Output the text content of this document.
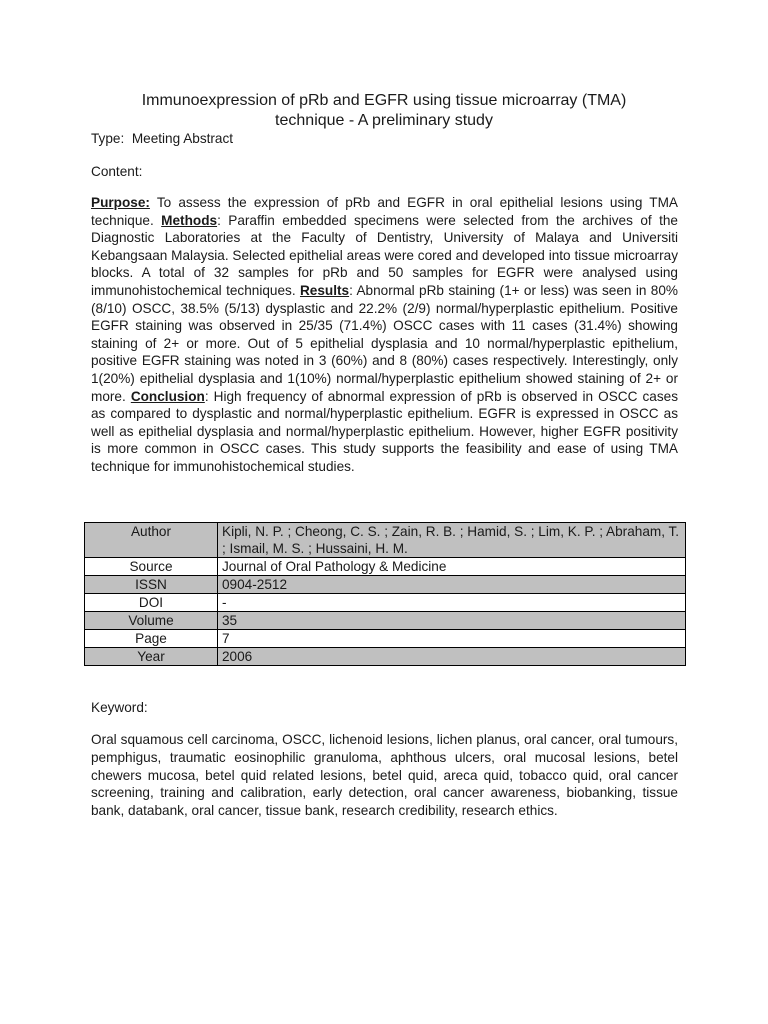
Immunoexpression of pRb and EGFR using tissue microarray (TMA)
technique - A preliminary study
Type: Meeting Abstract
Content:

Purpose: To assess the expression of pRb and EGFR in oral epithelial lesions using TMA technique. Methods: Paraffin embedded specimens were selected from the archives of the Diagnostic Laboratories at the Faculty of Dentistry, University of Malaya and Universiti Kebangsaan Malaysia. Selected epithelial areas were cored and developed into tissue microarray blocks. A total of 32 samples for pRb and 50 samples for EGFR were analysed using immunohistochemical techniques. Results: Abnormal pRb staining (1+ or less) was seen in 80% (8/10) OSCC, 38.5% (5/13) dysplastic and 22.2% (2/9) normal/hyperplastic epithelium. Positive EGFR staining was observed in 25/35 (71.4%) OSCC cases with 11 cases (31.4%) showing staining of 2+ or more. Out of 5 epithelial dysplasia and 10 normal/hyperplastic epithelium, positive EGFR staining was noted in 3 (60%) and 8 (80%) cases respectively. Interestingly, only 1(20%) epithelial dysplasia and 1(10%) normal/hyperplastic epithelium showed staining of 2+ or more. Conclusion: High frequency of abnormal expression of pRb is observed in OSCC cases as compared to dysplastic and normal/hyperplastic epithelium. EGFR is expressed in OSCC as well as epithelial dysplasia and normal/hyperplastic epithelium. However, higher EGFR positivity is more common in OSCC cases. This study supports the feasibility and ease of using TMA technique for immunohistochemical studies.

Author	Kipli, N. P. ; Cheong, C. S. ; Zain, R. B. ; Hamid, S. ; Lim, K. P. ; Abraham, T. ; Ismail, M. S. ; Hussaini, H. M.
Source	Journal of Oral Pathology & Medicine
ISSN	0904-2512
DOI	-
Volume	35
Page	7
Year	2006
Keyword:

Oral squamous cell carcinoma, OSCC, lichenoid lesions, lichen planus, oral cancer, oral tumours, pemphigus, traumatic eosinophilic granuloma, aphthous ulcers, oral mucosal lesions, betel chewers mucosa, betel quid related lesions, betel quid, areca quid, tobacco quid, oral cancer screening, training and calibration, early detection, oral cancer awareness, biobanking, tissue bank, databank, oral cancer, tissue bank, research credibility, research ethics.
